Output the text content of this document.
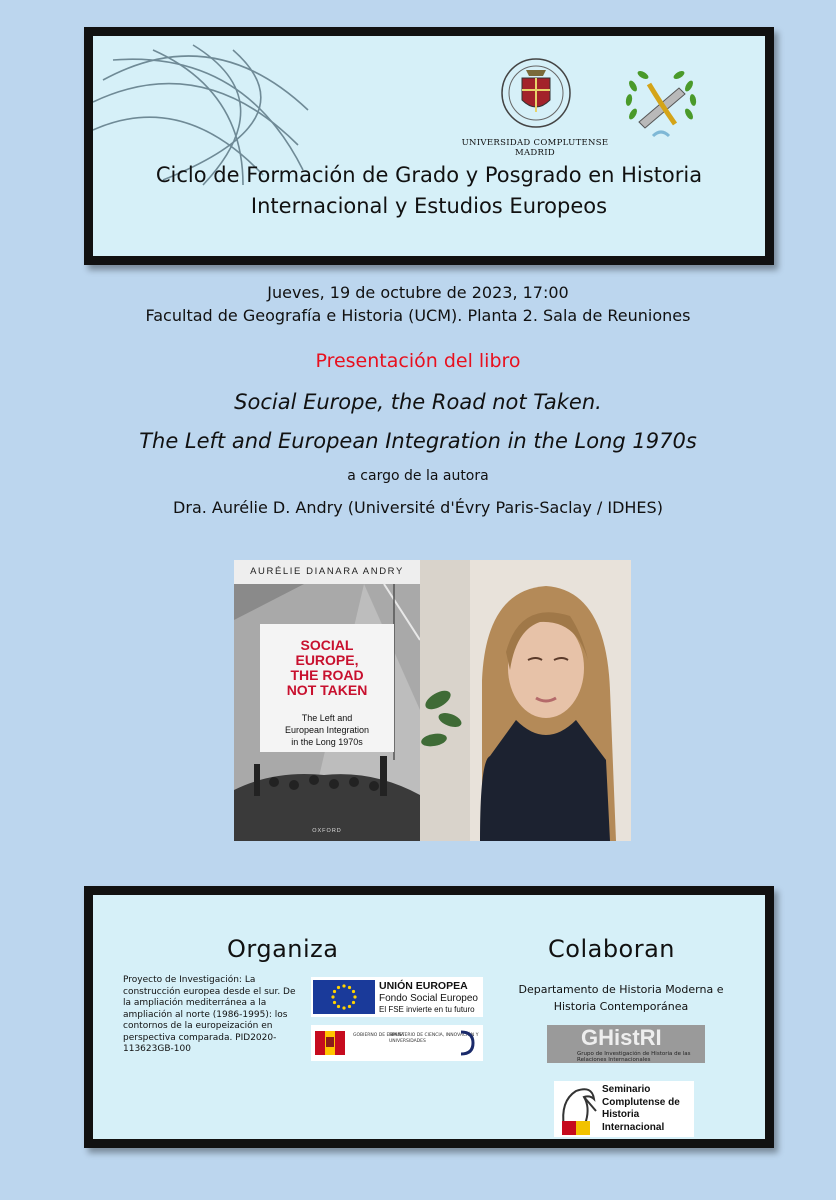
UNIVERSIDAD COMPLUTENSE
MADRID
Ciclo de Formación de Grado y Posgrado en Historia
Internacional y Estudios Europeos

Jueves, 19 de octubre de 2023, 17:00

Facultad de Geografía e Historia (UCM). Planta 2. Sala de Reuniones

Presentación del libro

Social Europe, the Road not Taken.

The Left and European Integration in the Long 1970s

a cargo de la autora

Dra. Aurélie D. Andry (Université d'Évry Paris-Saclay / IDHES)

AURÉLIE DIANARA ANDRY
SOCIAL
EUROPE,
THE ROAD
NOT TAKEN
The Left and
European Integration
in the Long 1970s
OXFORD
Organiza	Colaboran

Proyecto de Investigación: La construcción europea desde el sur. De la ampliación mediterránea a la ampliación al norte (1986-1995): los contornos de la europeización en perspectiva comparada. PID2020-113623GB-100

UNIÓN EUROPEA
Fondo Social Europeo
El FSE invierte en tu futuro
GOBIERNO DE ESPAÑA
MINISTERIO DE CIENCIA, INNOVACIÓN Y UNIVERSIDADES

Departamento de Historia Moderna e
Historia Contemporánea

GHistRI
Grupo de Investigación de Historia de las Relaciones Internacionales
Seminario
Complutense de
Historia
Internacional
